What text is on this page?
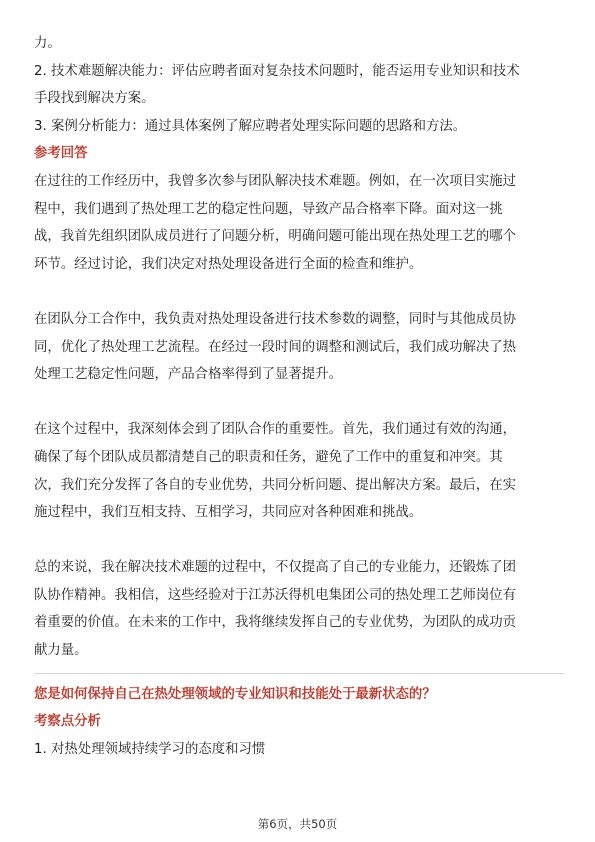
力。
2. 技术难题解决能力：评估应聘者面对复杂技术问题时，能否运用专业知识和技术
手段找到解决方案。
3. 案例分析能力：通过具体案例了解应聘者处理实际问题的思路和方法。
参考回答
在过往的工作经历中，我曾多次参与团队解决技术难题。例如，在一次项目实施过
程中，我们遇到了热处理工艺的稳定性问题，导致产品合格率下降。面对这一挑
战，我首先组织团队成员进行了问题分析，明确问题可能出现在热处理工艺的哪个
环节。经过讨论，我们决定对热处理设备进行全面的检查和维护。
在团队分工合作中，我负责对热处理设备进行技术参数的调整，同时与其他成员协
同，优化了热处理工艺流程。在经过一段时间的调整和测试后，我们成功解决了热
处理工艺稳定性问题，产品合格率得到了显著提升。
在这个过程中，我深刻体会到了团队合作的重要性。首先，我们通过有效的沟通，
确保了每个团队成员都清楚自己的职责和任务，避免了工作中的重复和冲突。其
次，我们充分发挥了各自的专业优势，共同分析问题、提出解决方案。最后，在实
施过程中，我们互相支持、互相学习，共同应对各种困难和挑战。
总的来说，我在解决技术难题的过程中，不仅提高了自己的专业能力，还锻炼了团
队协作精神。我相信，这些经验对于江苏沃得机电集团公司的热处理工艺师岗位有
着重要的价值。在未来的工作中，我将继续发挥自己的专业优势，为团队的成功贡
献力量。
您是如何保持自己在热处理领域的专业知识和技能处于最新状态的？
考察点分析
1. 对热处理领域持续学习的态度和习惯
第6页，共50页
